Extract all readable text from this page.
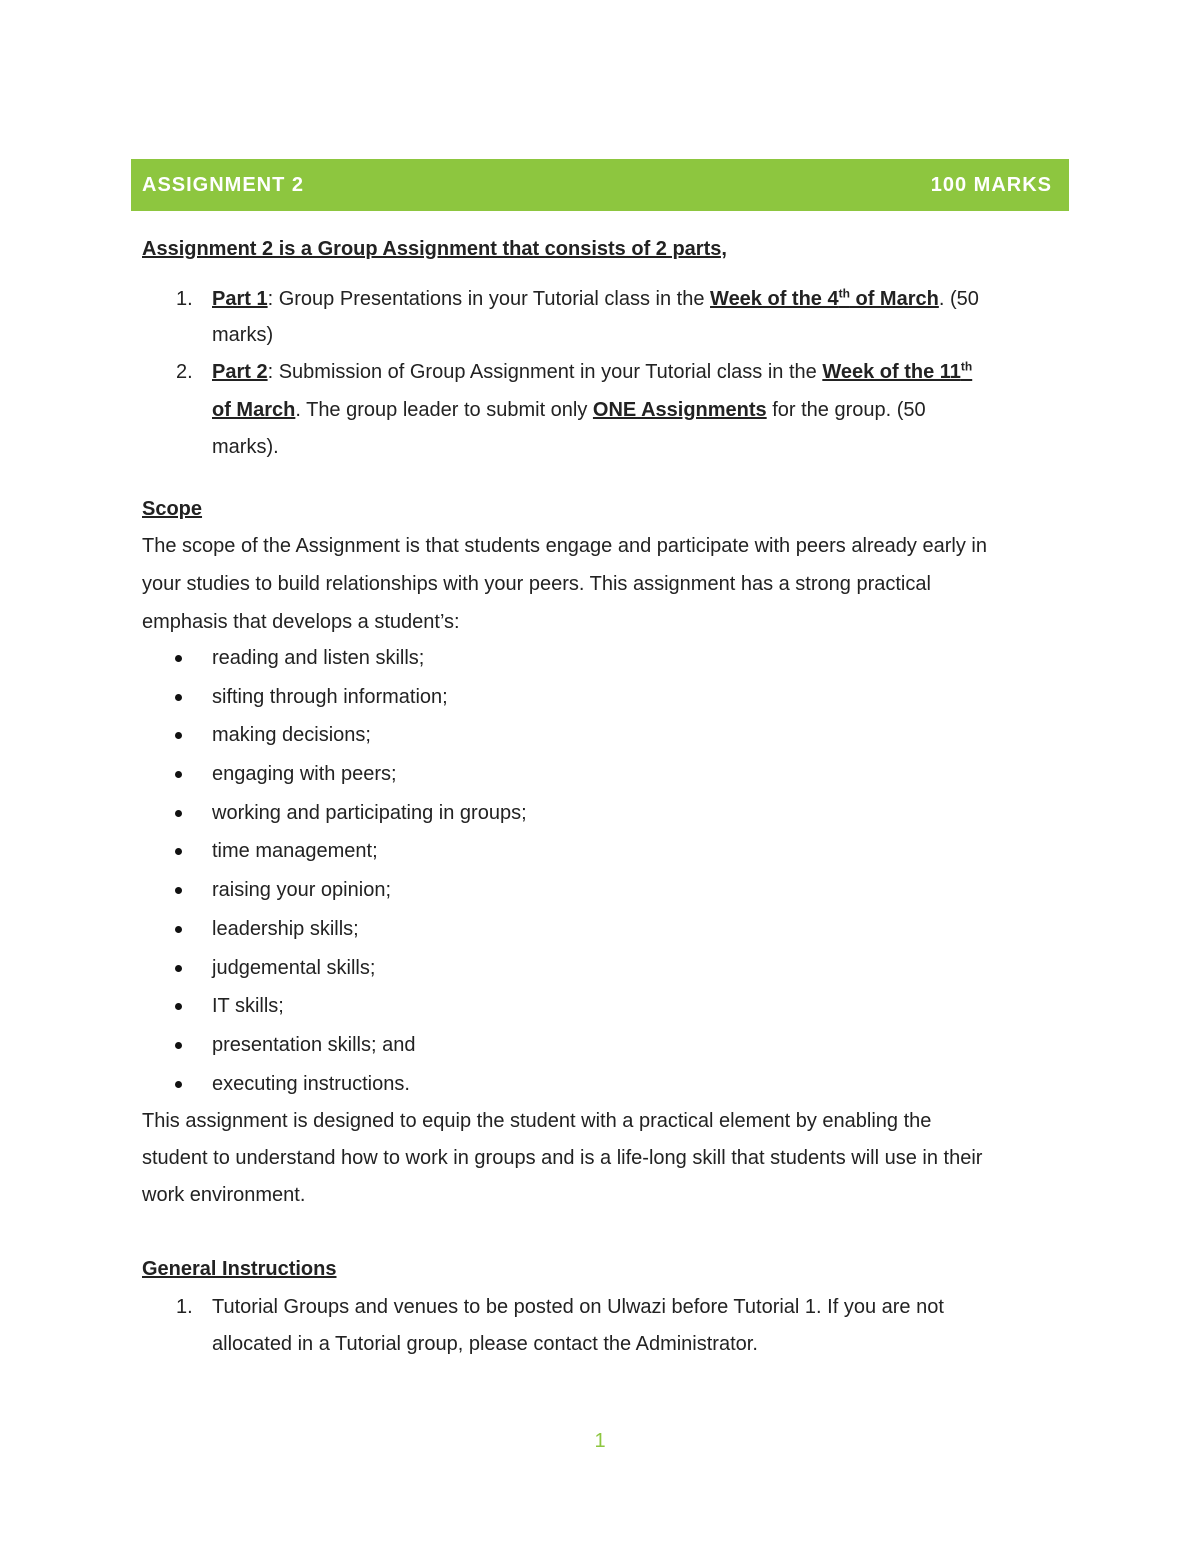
ASSIGNMENT 2	100 MARKS

Assignment 2 is a Group Assignment that consists of 2 parts,

1. Part 1: Group Presentations in your Tutorial class in the Week of the 4th of March. (50
marks)
2. Part 2: Submission of Group Assignment in your Tutorial class in the Week of the 11th
of March. The group leader to submit only ONE Assignments for the group. (50
marks).

Scope

The scope of the Assignment is that students engage and participate with peers already early in

your studies to build relationships with your peers. This assignment has a strong practical

emphasis that develops a student’s:

reading and listen skills;
sifting through information;
making decisions;
engaging with peers;
working and participating in groups;
time management;
raising your opinion;
leadership skills;
judgemental skills;
IT skills;
presentation skills; and
executing instructions.

This assignment is designed to equip the student with a practical element by enabling the

student to understand how to work in groups and is a life-long skill that students will use in their

work environment.

General Instructions

1. Tutorial Groups and venues to be posted on Ulwazi before Tutorial 1. If you are not
allocated in a Tutorial group, please contact the Administrator.
1
